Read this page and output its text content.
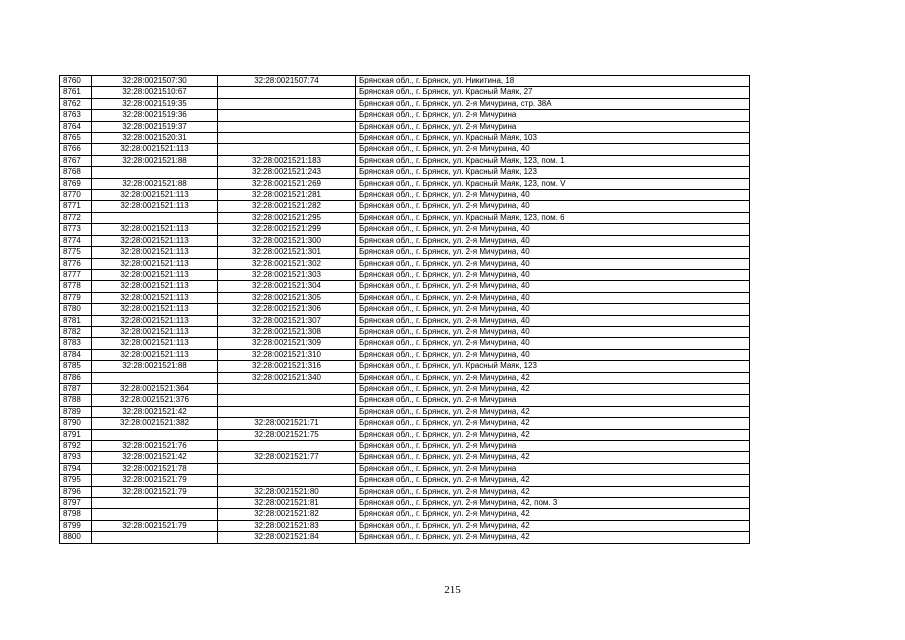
8760	32:28:0021507:30	32:28:0021507:74	Брянская обл., г. Брянск, ул. Никитина, 18
8761	32:28:0021510:67		Брянская обл., г. Брянск, ул. Красный Маяк, 27
8762	32:28:0021519:35		Брянская обл., г. Брянск, ул. 2-я Мичурина, стр. 38А
8763	32:28:0021519:36		Брянская обл., г. Брянск, ул. 2-я Мичурина
8764	32:28:0021519:37		Брянская обл., г. Брянск, ул. 2-я Мичурина
8765	32:28:0021520:31		Брянская обл., г. Брянск, ул. Красный Маяк, 103
8766	32:28:0021521:113		Брянская обл., г. Брянск, ул. 2-я Мичурина, 40
8767	32:28:0021521:88	32:28:0021521:183	Брянская обл., г. Брянск, ул. Красный Маяк, 123, пом. 1
8768		32:28:0021521:243	Брянская обл., г. Брянск, ул. Красный Маяк, 123
8769	32:28:0021521:88	32:28:0021521:269	Брянская обл., г. Брянск, ул. Красный Маяк, 123, пом. V
8770	32:28:0021521:113	32:28:0021521:281	Брянская обл., г. Брянск, ул. 2-я Мичурина, 40
8771	32:28:0021521:113	32:28:0021521:282	Брянская обл., г. Брянск, ул. 2-я Мичурина, 40
8772		32:28:0021521:295	Брянская обл., г. Брянск, ул. Красный Маяк, 123, пом. 6
8773	32:28:0021521:113	32:28:0021521:299	Брянская обл., г. Брянск, ул. 2-я Мичурина, 40
8774	32:28:0021521:113	32:28:0021521:300	Брянская обл., г. Брянск, ул. 2-я Мичурина, 40
8775	32:28:0021521:113	32:28:0021521:301	Брянская обл., г. Брянск, ул. 2-я Мичурина, 40
8776	32:28:0021521:113	32:28:0021521:302	Брянская обл., г. Брянск, ул. 2-я Мичурина, 40
8777	32:28:0021521:113	32:28:0021521:303	Брянская обл., г. Брянск, ул. 2-я Мичурина, 40
8778	32:28:0021521:113	32:28:0021521:304	Брянская обл., г. Брянск, ул. 2-я Мичурина, 40
8779	32:28:0021521:113	32:28:0021521:305	Брянская обл., г. Брянск, ул. 2-я Мичурина, 40
8780	32:28:0021521:113	32:28:0021521:306	Брянская обл., г. Брянск, ул. 2-я Мичурина, 40
8781	32:28:0021521:113	32:28:0021521:307	Брянская обл., г. Брянск, ул. 2-я Мичурина, 40
8782	32:28:0021521:113	32:28:0021521:308	Брянская обл., г. Брянск, ул. 2-я Мичурина, 40
8783	32:28:0021521:113	32:28:0021521:309	Брянская обл., г. Брянск, ул. 2-я Мичурина, 40
8784	32:28:0021521:113	32:28:0021521:310	Брянская обл., г. Брянск, ул. 2-я Мичурина, 40
8785	32:28:0021521:88	32:28:0021521:316	Брянская обл., г. Брянск, ул. Красный Маяк, 123
8786		32:28:0021521:340	Брянская обл., г. Брянск, ул. 2-я Мичурина, 42
8787	32:28:0021521:364		Брянская обл., г. Брянск, ул. 2-я Мичурина, 42
8788	32:28:0021521:376		Брянская обл., г. Брянск, ул. 2-я Мичурина
8789	32:28:0021521:42		Брянская обл., г. Брянск, ул. 2-я Мичурина, 42
8790	32:28:0021521:382	32:28:0021521:71	Брянская обл., г. Брянск, ул. 2-я Мичурина, 42
8791		32:28:0021521:75	Брянская обл., г. Брянск, ул. 2-я Мичурина, 42
8792	32:28:0021521:76		Брянская обл., г. Брянск, ул. 2-я Мичурина
8793	32:28:0021521:42	32:28:0021521:77	Брянская обл., г. Брянск, ул. 2-я Мичурина, 42
8794	32:28:0021521:78		Брянская обл., г. Брянск, ул. 2-я Мичурина
8795	32:28:0021521:79		Брянская обл., г. Брянск, ул. 2-я Мичурина, 42
8796	32:28:0021521:79	32:28:0021521:80	Брянская обл., г. Брянск, ул. 2-я Мичурина, 42
8797		32:28:0021521:81	Брянская обл., г. Брянск, ул. 2-я Мичурина, 42, пом. 3
8798		32:28:0021521:82	Брянская обл., г. Брянск, ул. 2-я Мичурина, 42
8799	32:28:0021521:79	32:28:0021521:83	Брянская обл., г. Брянск, ул. 2-я Мичурина, 42
8800		32:28:0021521:84	Брянская обл., г. Брянск, ул. 2-я Мичурина, 42
215
